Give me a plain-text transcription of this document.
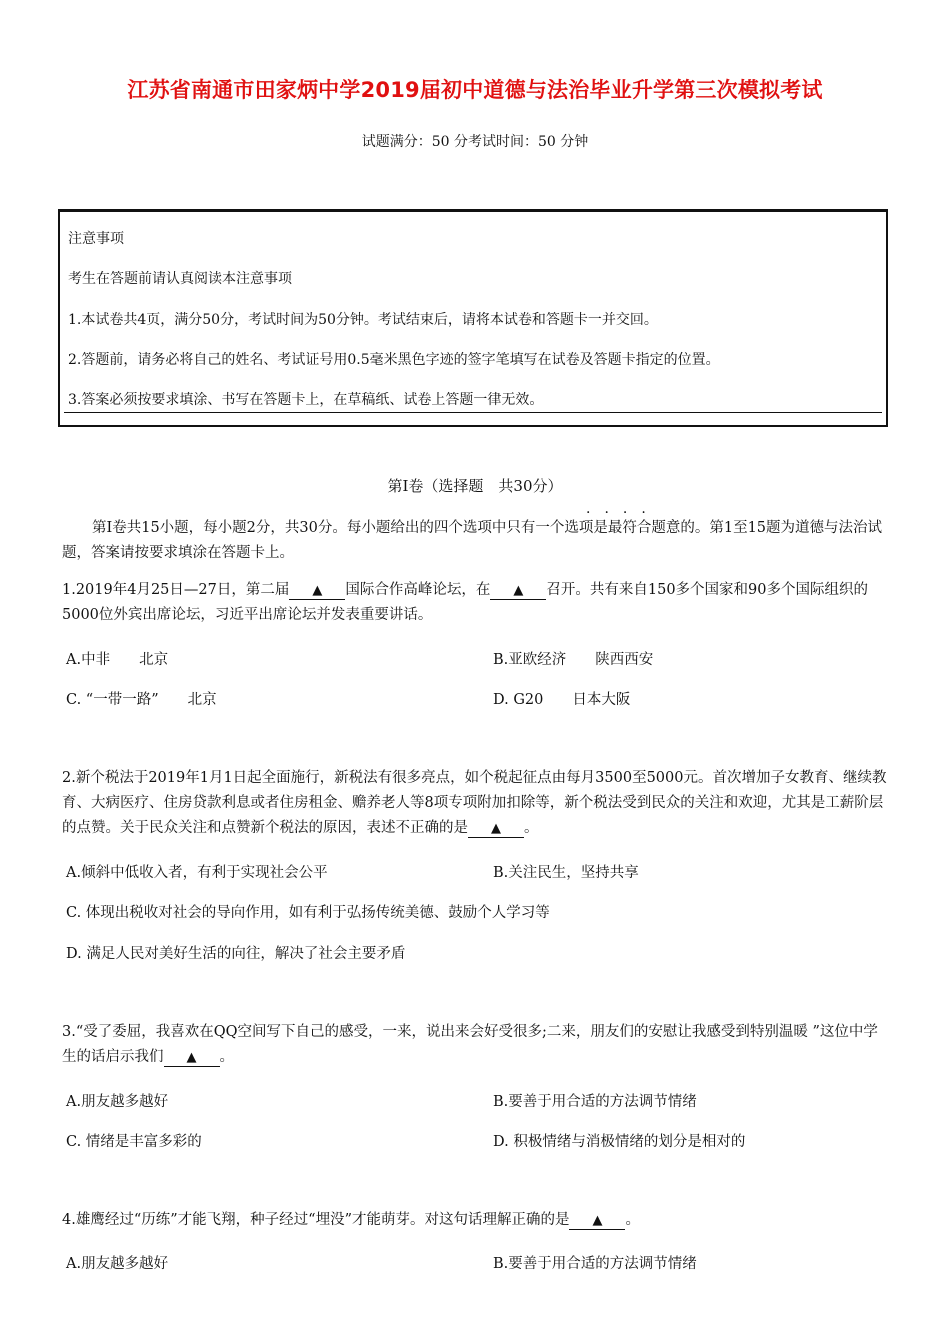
江苏省南通市田家炳中学2019届初中道德与法治毕业升学第三次模拟考试
试题满分：50 分考试时间：50 分钟
注意事项
考生在答题前请认真阅读本注意事项
1.本试卷共4页，满分50分，考试时间为50分钟。考试结束后，请将本试卷和答题卡一并交回。
2.答题前，请务必将自己的姓名、考试证号用0.5毫米黑色字迹的签字笔填写在试卷及答题卡指定的位置。
3.答案必须按要求填涂、书写在答题卡上，在草稿纸、试卷上答题一律无效。
第Ⅰ卷（选择题　共30分）
····
第Ⅰ卷共15小题，每小题2分，共30分。每小题给出的四个选项中只有一个选项是最符合题意的。第1至15题为道德与法治试题，答案请按要求填涂在答题卡上。
1.2019年4月25日—27日，第二届 ▲ 国际合作高峰论坛，在 ▲ 召开。共有来自150多个国家和90多个国际组织的5000位外宾出席论坛，习近平出席论坛并发表重要讲话。
A.中非　　北京	B.亚欧经济　　陕西西安
C. “一带一路”　　北京	D. G20　　日本大阪
2.新个税法于2019年1月1日起全面施行，新税法有很多亮点，如个税起征点由每月3500至5000元。首次增加子女教育、继续教育、大病医疗、住房贷款利息或者住房租金、赡养老人等8项专项附加扣除等，新个税法受到民众的关注和欢迎，尤其是工薪阶层的点赞。关于民众关注和点赞新个税法的原因，表述不正确的是 ▲ 。
A.倾斜中低收入者，有利于实现社会公平	B.关注民生，坚持共享
C. 体现出税收对社会的导向作用，如有利于弘扬传统美德、鼓励个人学习等
D. 满足人民对美好生活的向往，解决了社会主要矛盾
3.“受了委屈，我喜欢在QQ空间写下自己的感受，一来，说出来会好受很多;二来，朋友们的安慰让我感受到特别温暖 ”这位中学生的话启示我们 ▲ 。
A.朋友越多越好	B.要善于用合适的方法调节情绪
C. 情绪是丰富多彩的	D. 积极情绪与消极情绪的划分是相对的
4.雄鹰经过“历练”才能飞翔，种子经过“埋没”才能萌芽。对这句话理解正确的是 ▲ 。
A.朋友越多越好	B.要善于用合适的方法调节情绪
